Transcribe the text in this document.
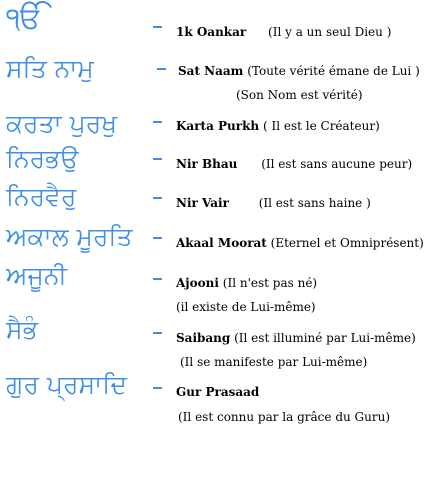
ੴ	1k Oankar (Il y a un seul Dieu )
ਸਤਿ ਨਾਮੁ	Sat Naam (Toute vérité émane de Lui )
(Son Nom est vérité)
ਕਰਤਾ ਪੁਰਖੁ	Karta Purkh ( Il est le Créateur)
ਨਿਰਭਉ	Nir Bhau (Il est sans aucune peur)
ਨਿਰਵੈਰੁ	Nir Vair (Il est sans haine )
ਅਕਾਲ ਮੂਰਤਿ	Akaal Moorat (Eternel et Omniprésent)
ਅਜੂਨੀ	Ajooni (Il n'est pas né)
(il existe de Lui-même)
ਸੈਭੰ	Saibang (Il est illuminé par Lui-même)
(Il se manifeste par Lui-même)
ਗੁਰ ਪ੍ਰਸਾਦਿ	Gur Prasaad
(Il est connu par la grâce du Guru)
